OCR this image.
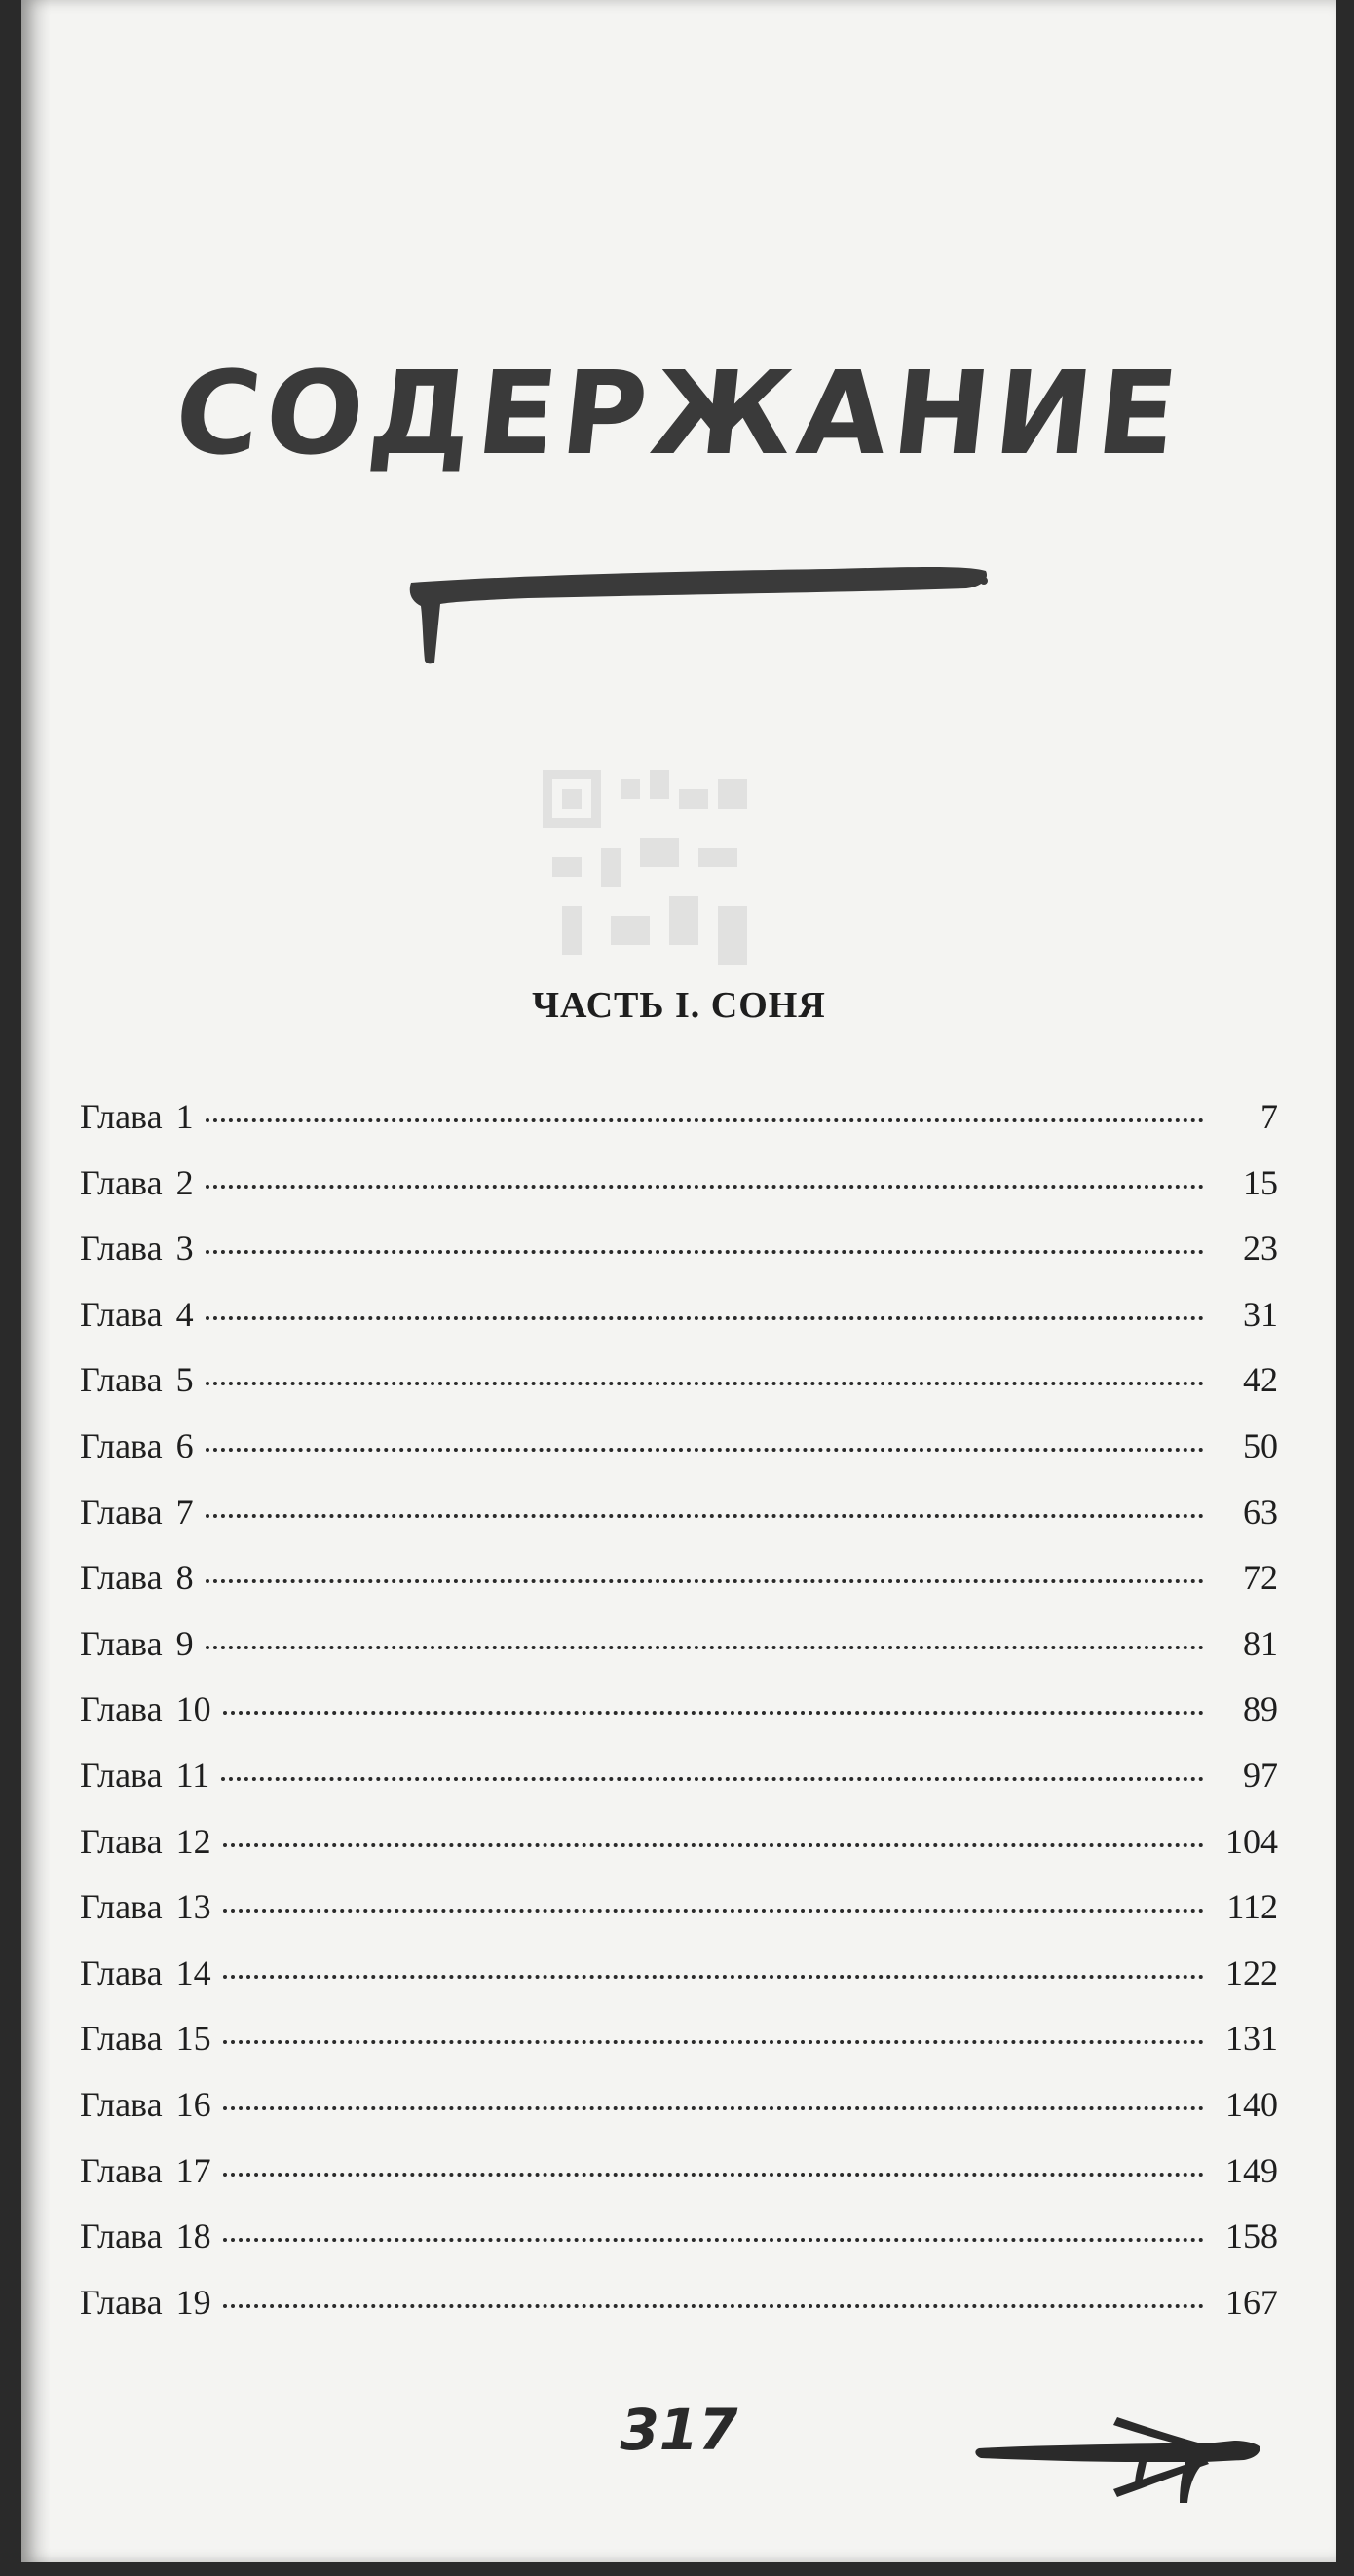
СОДЕРЖАНИЕ
ЧАСТЬ I. СОНЯ
Глава 1	7
Глава 2	15
Глава 3	23
Глава 4	31
Глава 5	42
Глава 6	50
Глава 7	63
Глава 8	72
Глава 9	81
Глава 10	89
Глава 11	97
Глава 12	104
Глава 13	112
Глава 14	122
Глава 15	131
Глава 16	140
Глава 17	149
Глава 18	158
Глава 19	167
317
